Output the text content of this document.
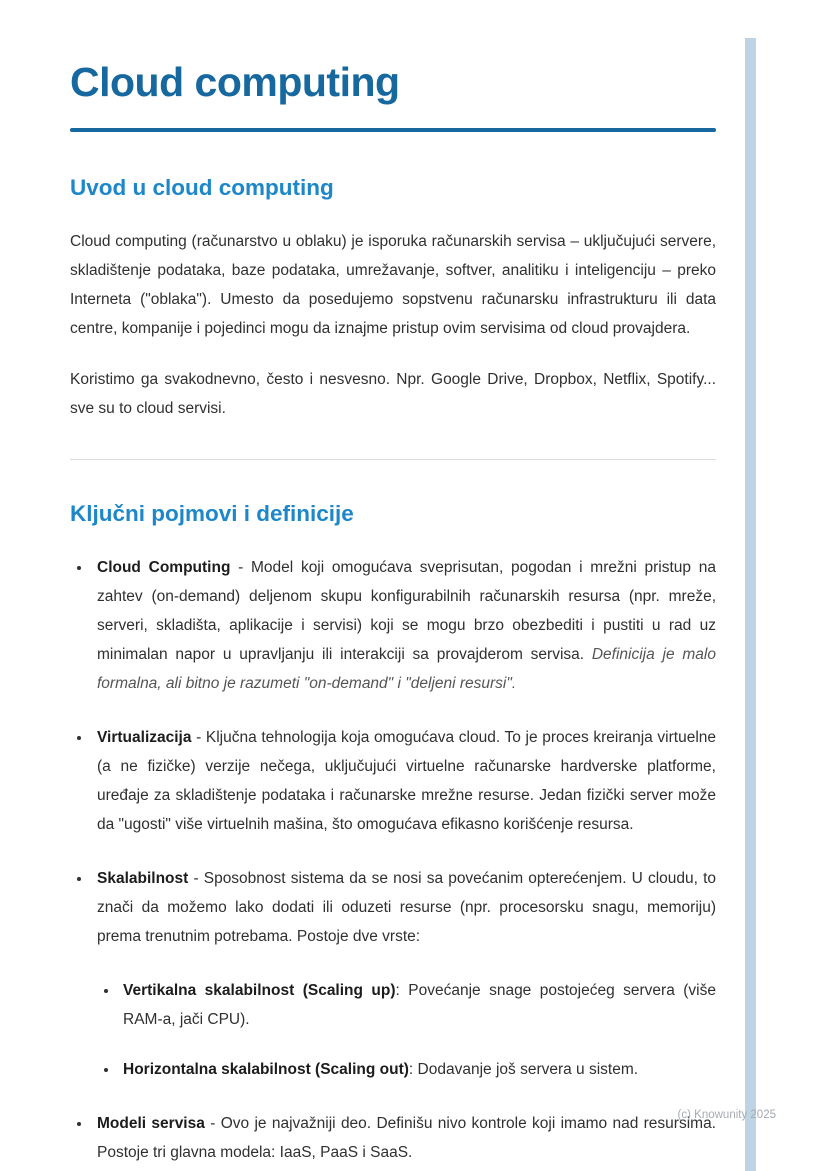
Cloud computing
Uvod u cloud computing

Cloud computing (računarstvo u oblaku) je isporuka računarskih servisa – uključujući servere, skladištenje podataka, baze podataka, umrežavanje, softver, analitiku i inteligenciju – preko Interneta ("oblaka"). Umesto da posedujemo sopstvenu računarsku infrastrukturu ili data centre, kompanije i pojedinci mogu da iznajme pristup ovim servisima od cloud provajdera.

Koristimo ga svakodnevno, često i nesvesno. Npr. Google Drive, Dropbox, Netflix, Spotify... sve su to cloud servisi.

Ključni pojmovi i definicije
• Cloud Computing - Model koji omogućava sveprisutan, pogodan i mrežni pristup na zahtev (on-demand) deljenom skupu konfigurabilnih računarskih resursa (npr. mreže, serveri, skladišta, aplikacije i servisi) koji se mogu brzo obezbediti i pustiti u rad uz minimalan napor u upravljanju ili interakciji sa provajderom servisa. Definicija je malo formalna, ali bitno je razumeti "on-demand" i "deljeni resursi".
• Virtualizacija - Ključna tehnologija koja omogućava cloud. To je proces kreiranja virtuelne (a ne fizičke) verzije nečega, uključujući virtuelne računarske hardverske platforme, uređaje za skladištenje podataka i računarske mrežne resurse. Jedan fizički server može da "ugosti" više virtuelnih mašina, što omogućava efikasno korišćenje resursa.
• Skalabilnost - Sposobnost sistema da se nosi sa povećanim opterećenjem. U cloudu, to znači da možemo lako dodati ili oduzeti resurse (npr. procesorsku snagu, memoriju) prema trenutnim potrebama. Postoje dve vrste:
• Vertikalna skalabilnost (Scaling up): Povećanje snage postojećeg servera (više RAM-a, jači CPU).
• Horizontalna skalabilnost (Scaling out): Dodavanje još servera u sistem.
• Modeli servisa - Ovo je najvažniji deo. Definišu nivo kontrole koji imamo nad resursima. Postoje tri glavna modela: IaaS, PaaS i SaaS.
(c) Knowunity 2025
